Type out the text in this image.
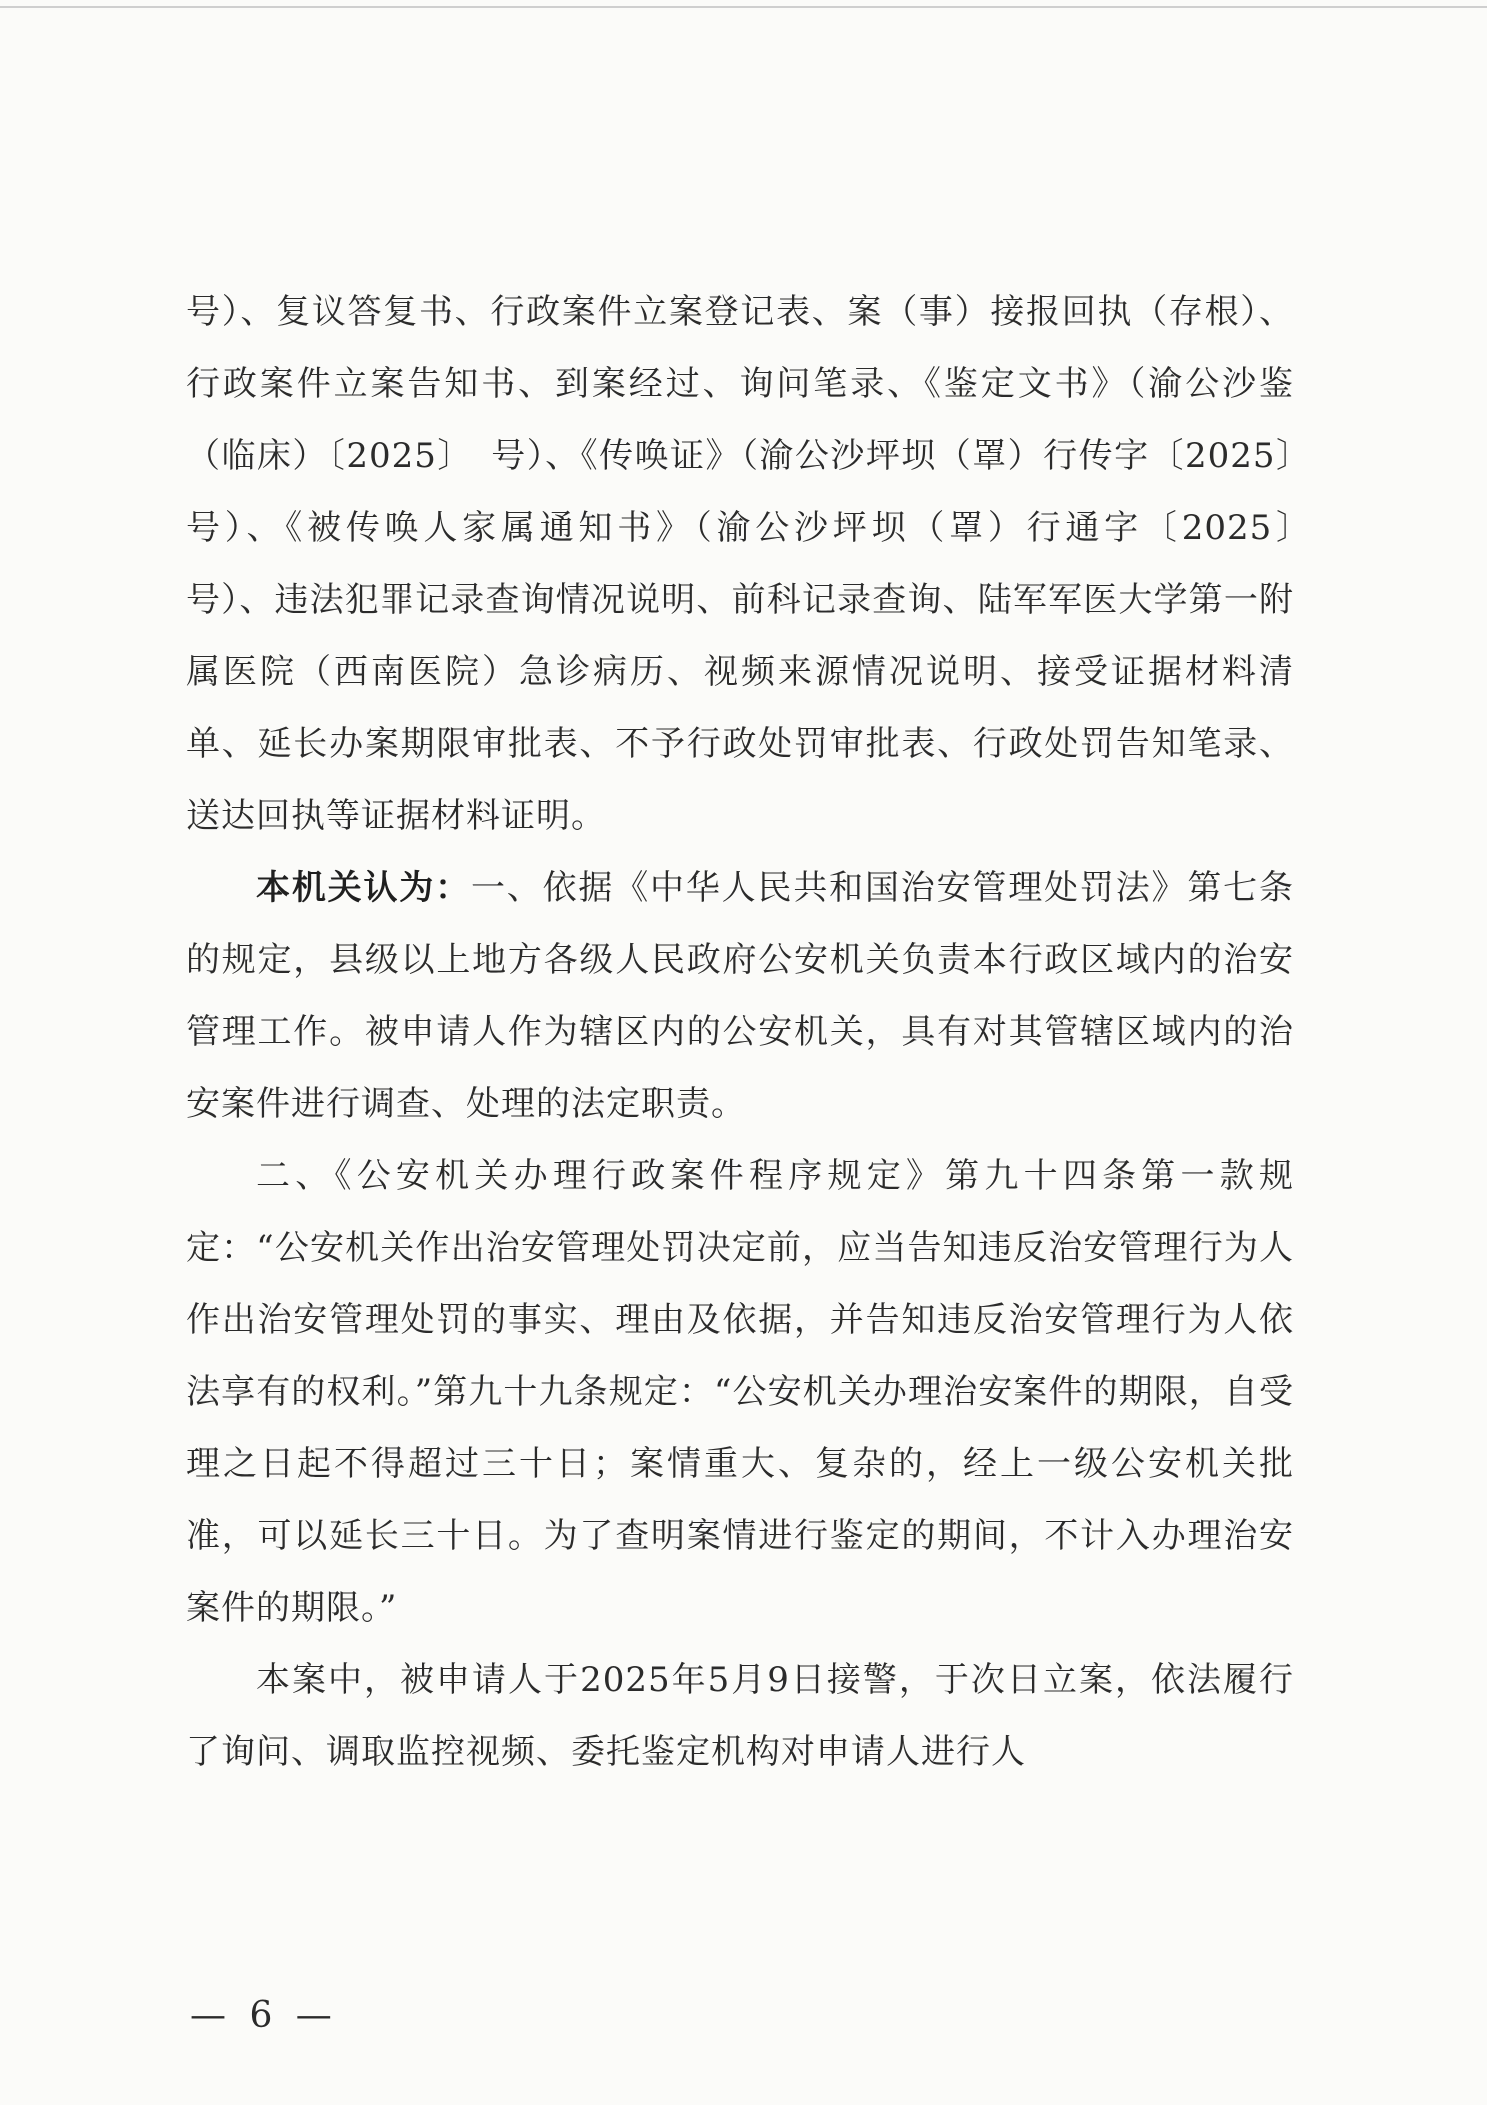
号）、复议答复书、行政案件立案登记表、案（事）接报回执（存根）、行政案件立案告知书、到案经过、询问笔录、《鉴定文书》（渝公沙鉴（临床）〔2025〕　号）、《传唤证》（渝公沙坪坝（罩）行传字〔2025〕　号）、《被传唤人家属通知书》（渝公沙坪坝（罩）行通字〔2025〕　号）、违法犯罪记录查询情况说明、前科记录查询、陆军军医大学第一附属医院（西南医院）急诊病历、视频来源情况说明、接受证据材料清单、延长办案期限审批表、不予行政处罚审批表、行政处罚告知笔录、送达回执等证据材料证明。

本机关认为：一、依据《中华人民共和国治安管理处罚法》第七条的规定，县级以上地方各级人民政府公安机关负责本行政区域内的治安管理工作。被申请人作为辖区内的公安机关，具有对其管辖区域内的治安案件进行调查、处理的法定职责。

二、《公安机关办理行政案件程序规定》第九十四条第一款规定：“公安机关作出治安管理处罚决定前，应当告知违反治安管理行为人作出治安管理处罚的事实、理由及依据，并告知违反治安管理行为人依法享有的权利。”第九十九条规定：“公安机关办理治安案件的期限，自受理之日起不得超过三十日；案情重大、复杂的，经上一级公安机关批准，可以延长三十日。为了查明案情进行鉴定的期间，不计入办理治安案件的期限。”

本案中，被申请人于2025年5月9日接警，于次日立案，依法履行了询问、调取监控视频、委托鉴定机构对申请人进行人

— 6 —
